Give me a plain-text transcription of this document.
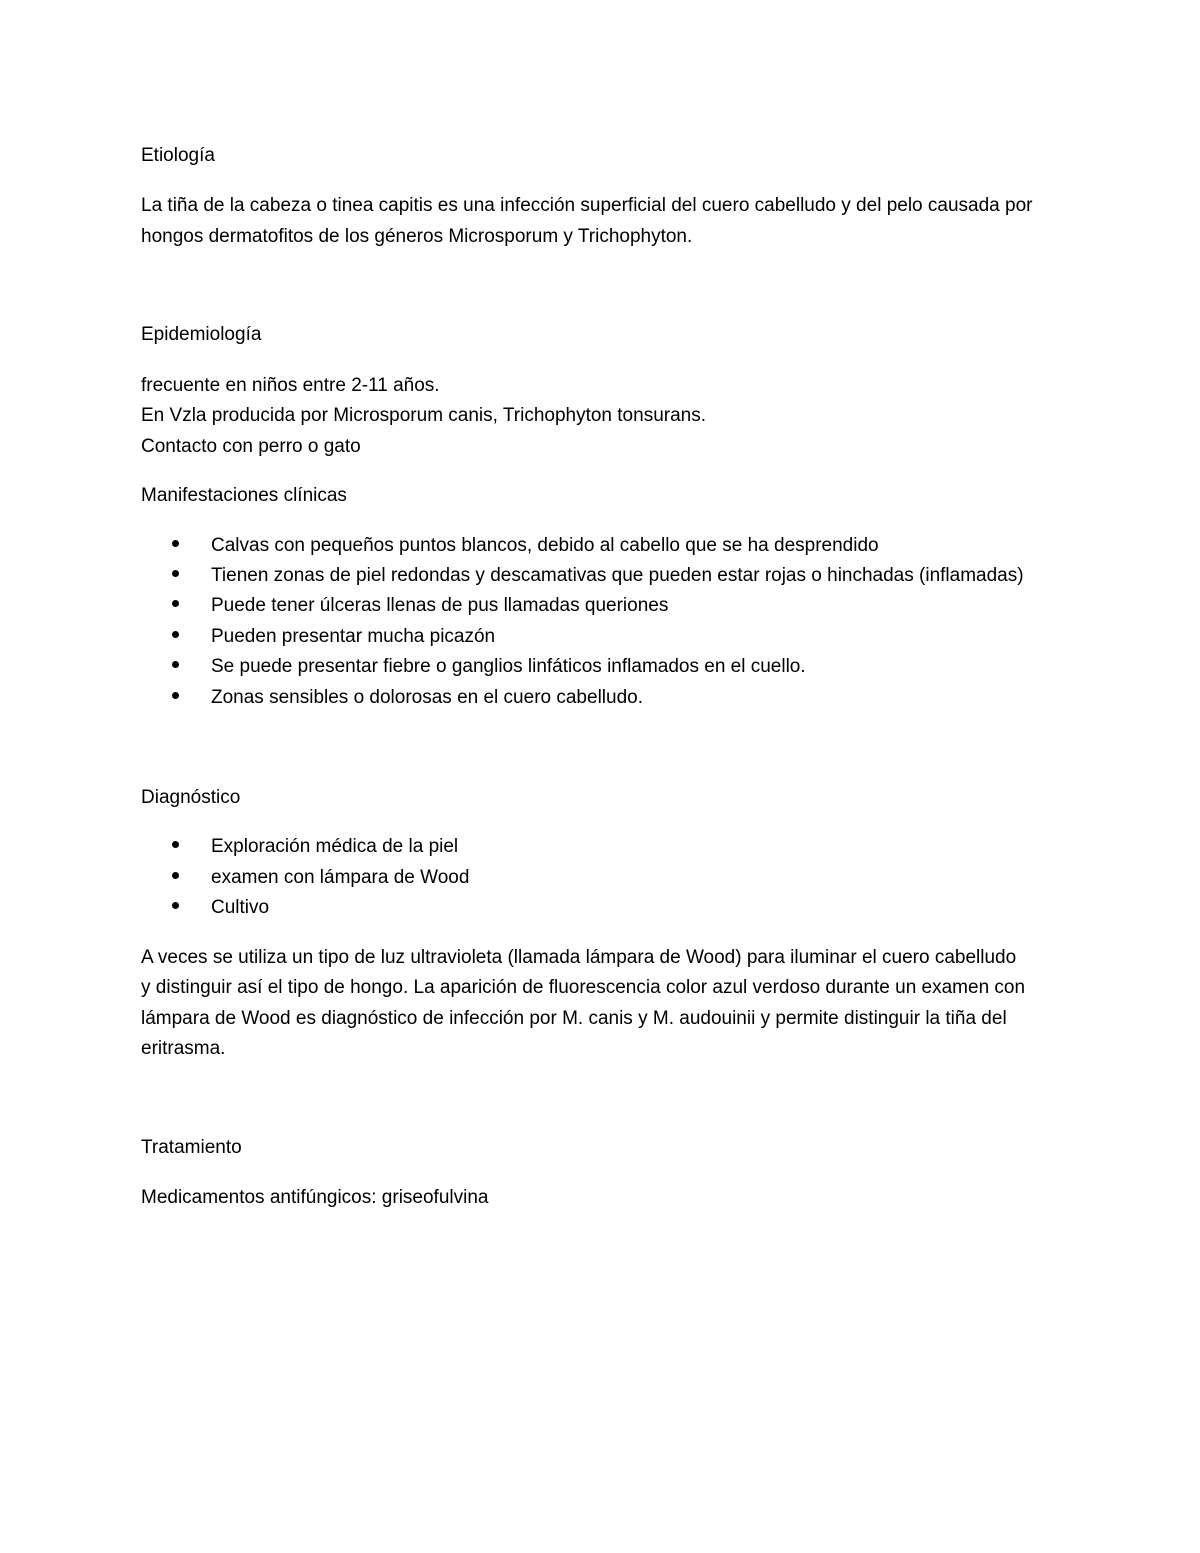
Etiología

La tiña de la cabeza o tinea capitis es una infección superficial del cuero cabelludo y del pelo causada por

hongos dermatofitos de los géneros Microsporum y Trichophyton.

Epidemiología

frecuente en niños entre 2-11 años.

En Vzla producida por Microsporum canis, Trichophyton tonsurans.

Contacto con perro o gato

Manifestaciones clínicas

Calvas con pequeños puntos blancos, debido al cabello que se ha desprendido
Tienen zonas de piel redondas y descamativas que pueden estar rojas o hinchadas (inflamadas)
Puede tener úlceras llenas de pus llamadas queriones
Pueden presentar mucha picazón
Se puede presentar fiebre o ganglios linfáticos inflamados en el cuello.
Zonas sensibles o dolorosas en el cuero cabelludo.

Diagnóstico

Exploración médica de la piel
examen con lámpara de Wood
Cultivo

A veces se utiliza un tipo de luz ultravioleta (llamada lámpara de Wood) para iluminar el cuero cabelludo

y distinguir así el tipo de hongo. La aparición de fluorescencia color azul verdoso durante un examen con

lámpara de Wood es diagnóstico de infección por M. canis y M. audouinii y permite distinguir la tiña del

eritrasma.

Tratamiento

Medicamentos antifúngicos: griseofulvina
